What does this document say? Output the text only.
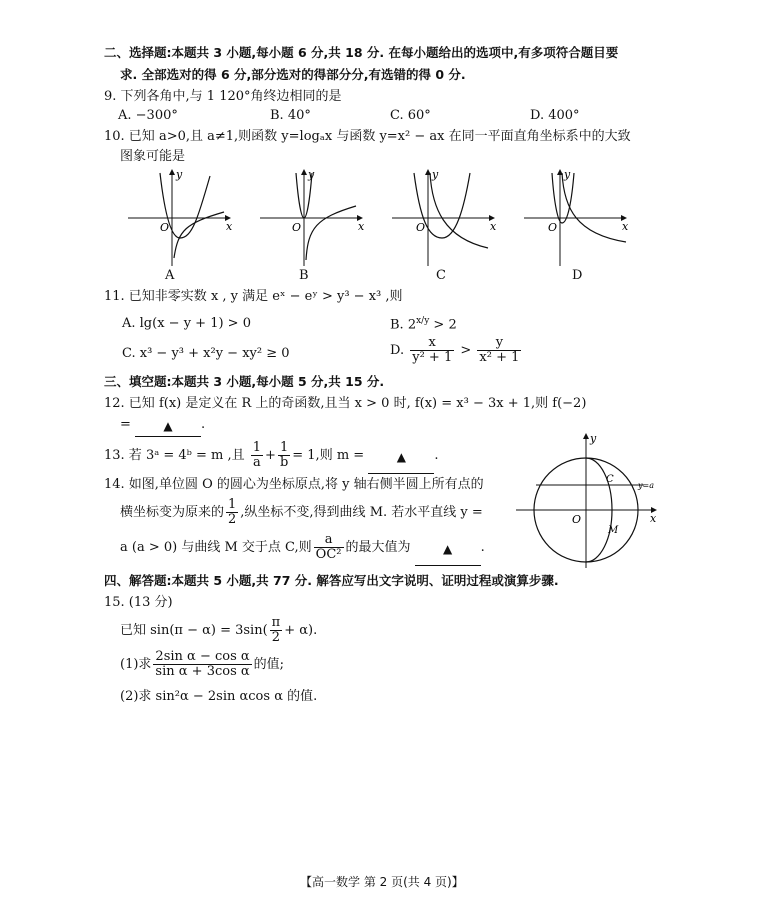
二、选择题:本题共 3 小题,每小题 6 分,共 18 分. 在每小题给出的选项中,有多项符合题目要
求. 全部选对的得 6 分,部分选对的得部分分,有选错的得 0 分.
9. 下列各角中,与 1 120°角终边相同的是
A. −300°	B. 40°	C. 60°	D. 400°
10. 已知 a>0,且 a≠1,则函数 y=logₐx 与函数 y=x² − ax 在同一平面直角坐标系中的大致
图象可能是
y
x
O
y
x
O
y
x
O
y
x
O
A	B	C	D
11. 已知非零实数 x , y 满足 eˣ − eʸ > y³ − x³ ,则
A. lg(x − y + 1) > 0	B. $2^{x/y} > 2$
C. x³ − y³ + x²y − xy² ≥ 0	D. $\frac{x}{\text{y² + 1}} > \frac{y}{\text{x² + 1}}$
三、填空题:本题共 3 小题,每小题 5 分,共 15 分.
12. 已知 f(x) 是定义在 R 上的奇函数,且当 x > 0 时, f(x) = x³ − 3x + 1,则 f(−2)
= ▲ .
13. 若 3ᵃ = 4ᵇ = m ,且 $\frac{1}{a} + \frac{1}{b} = 1$,则 m =	▲ .
14. 如图,单位圆 O 的圆心为坐标原点,将 y 轴右侧半圆上所有点的
横坐标变为原来的 $\frac{1}{2}$ ,纵坐标不变,得到曲线 M. 若水平直线 y =
a (a > 0) 与曲线 M 交于点 C,则 $\frac{a}{\text{OC²}}$ 的最大值为	▲ .
y
x
O
C
M
y=a
四、解答题:本题共 5 小题,共 77 分. 解答应写出文字说明、证明过程或演算步骤.
15. (13 分)
已知 $\sin(\pi - \alpha) = 3\sin( \frac{\pi}{2} + \alpha)$.
(1)求 $\frac{\text{2sin α − cos α}}{\text{sin α + 3cos α}}$ 的值;
(2)求 sin²α − 2sin αcos α 的值.
【高一数学 第 2 页(共 4 页)】
